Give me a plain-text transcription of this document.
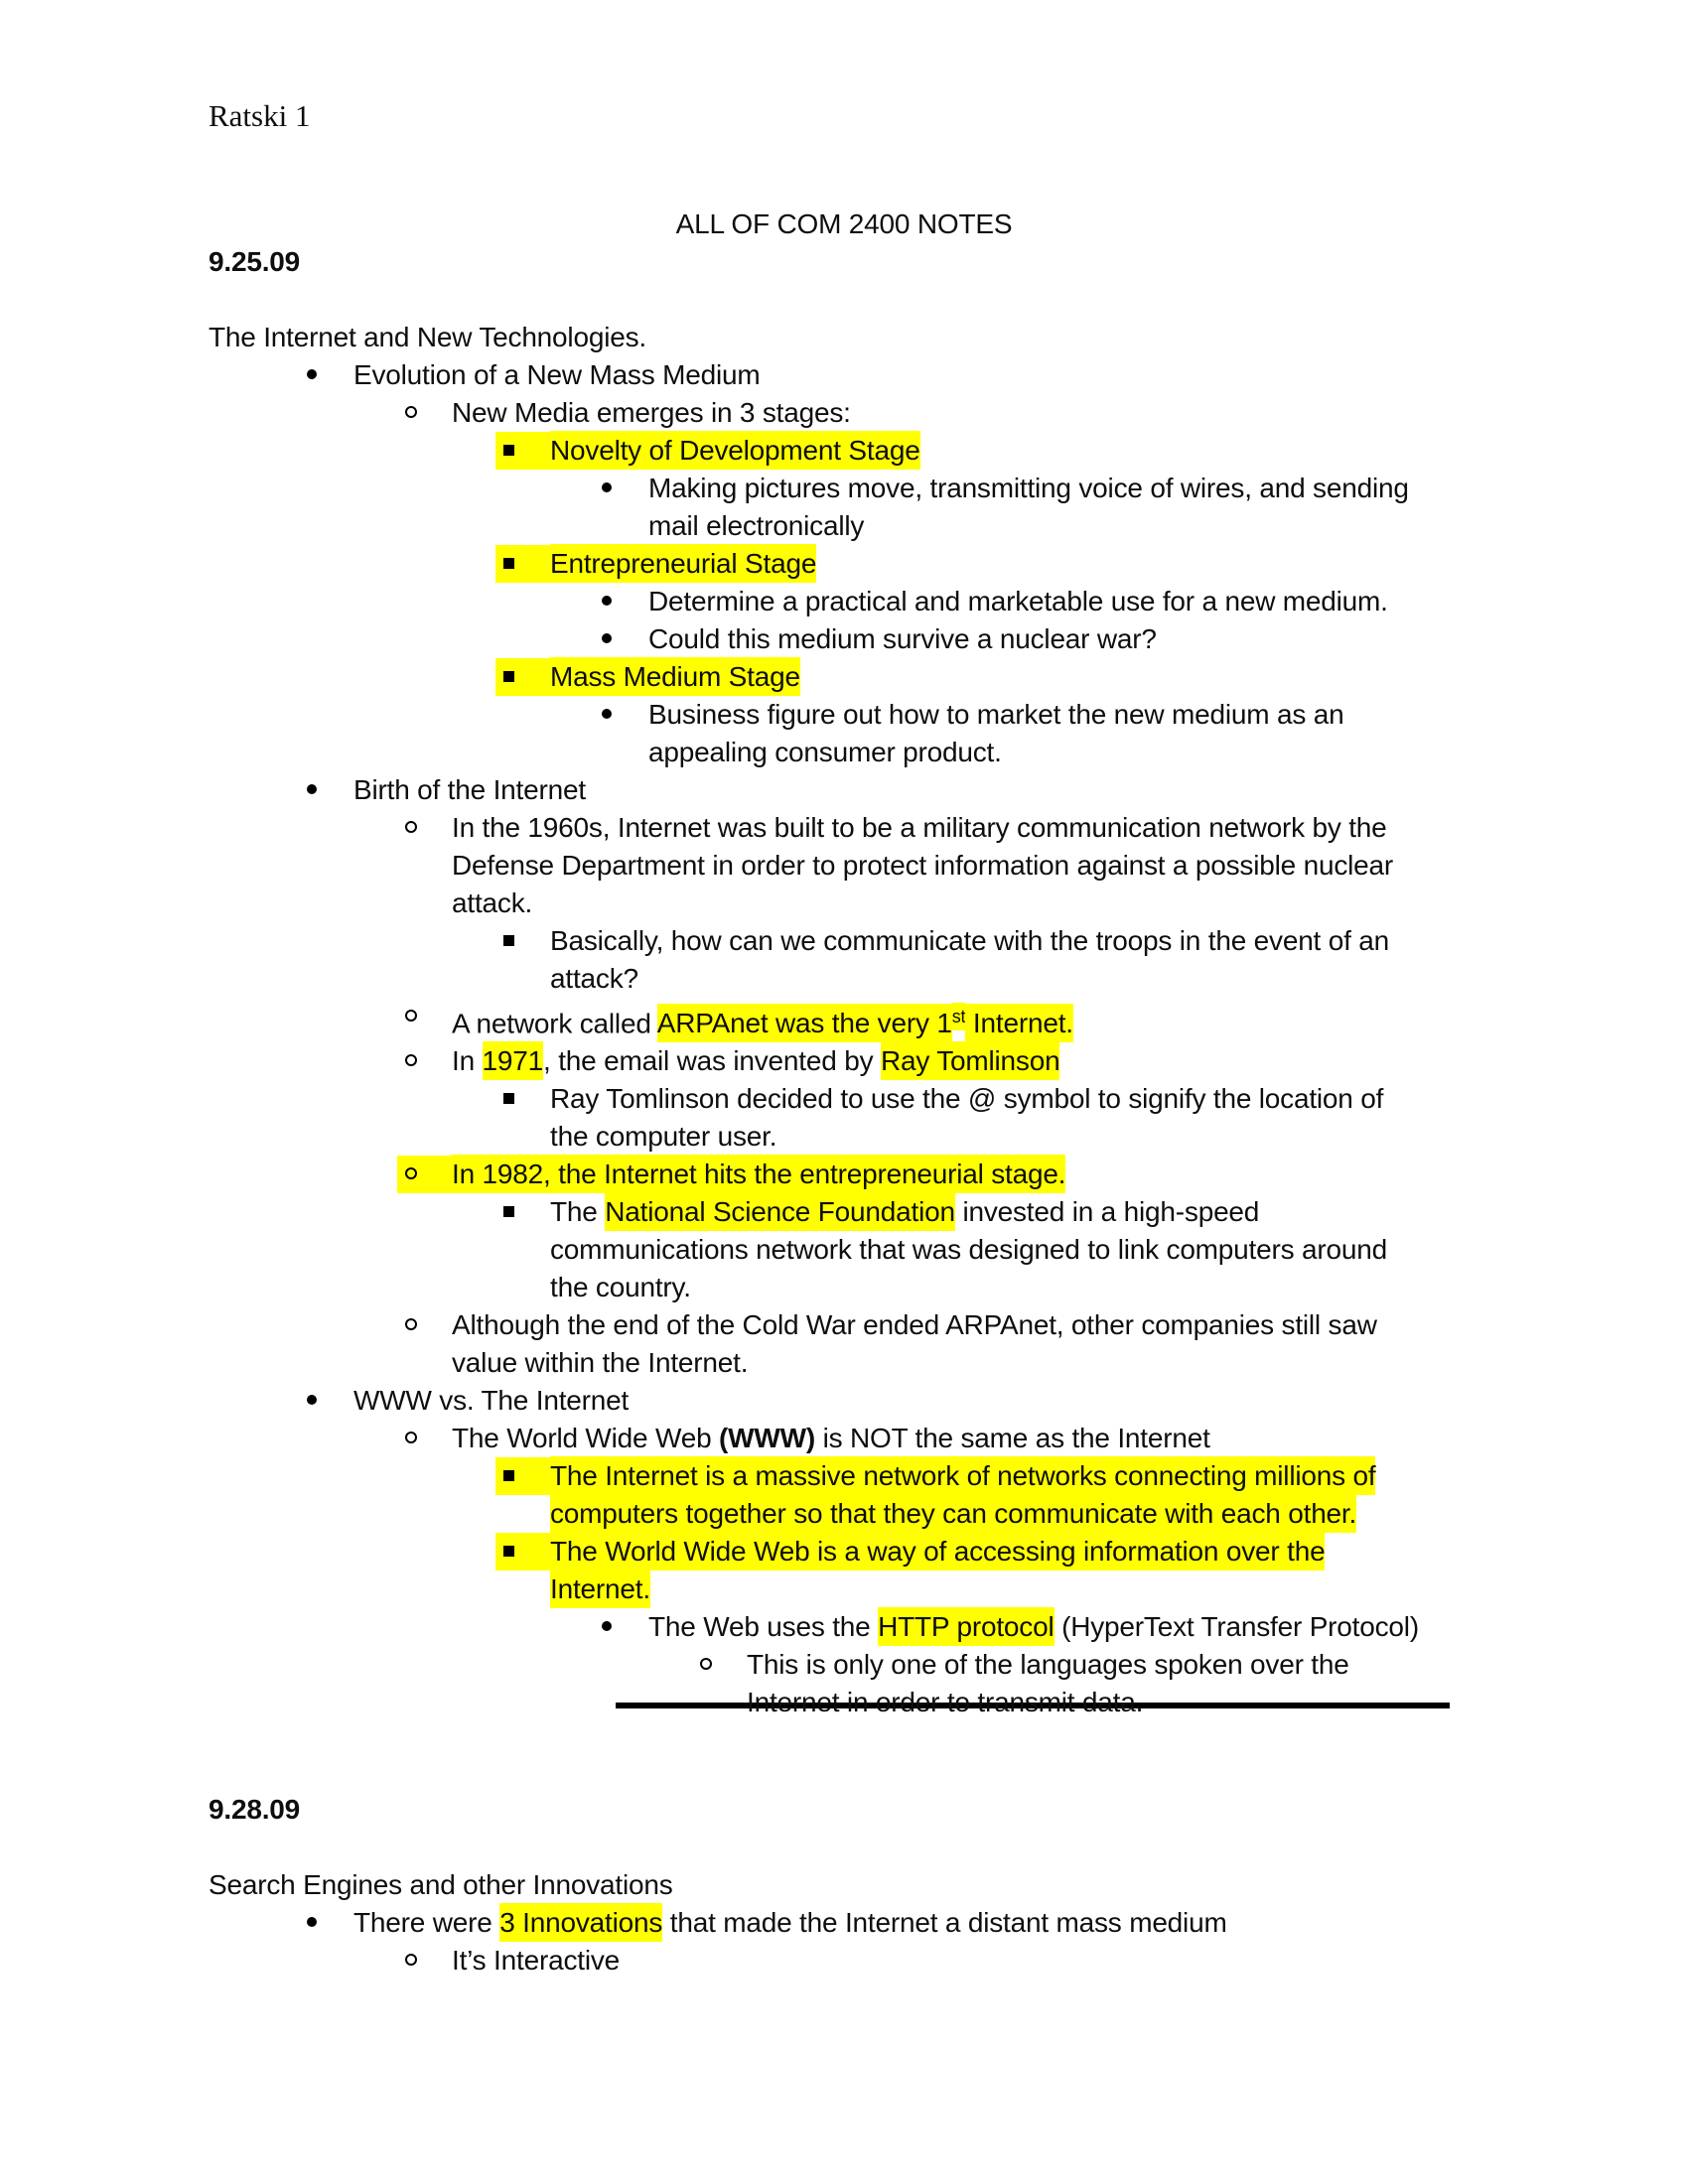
Ratski 1
ALL OF COM 2400 NOTES
9.25.09
The Internet and New Technologies.
Evolution of a New Mass Medium
New Media emerges in 3 stages:
Novelty of Development Stage
Making pictures move, transmitting voice of wires, and sending
mail electronically
Entrepreneurial Stage
Determine a practical and marketable use for a new medium.
Could this medium survive a nuclear war?
Mass Medium Stage
Business figure out how to market the new medium as an
appealing consumer product.
Birth of the Internet
In the 1960s, Internet was built to be a military communication network by the
Defense Department in order to protect information against a possible nuclear
attack.
Basically, how can we communicate with the troops in the event of an
attack?
A network called ARPAnet was the very 1st Internet.
In 1971, the email was invented by Ray Tomlinson
Ray Tomlinson decided to use the @ symbol to signify the location of
the computer user.
In 1982, the Internet hits the entrepreneurial stage.
The National Science Foundation invested in a high-speed
communications network that was designed to link computers around
the country.
Although the end of the Cold War ended ARPAnet, other companies still saw
value within the Internet.
WWW vs. The Internet
The World Wide Web (WWW) is NOT the same as the Internet
The Internet is a massive network of networks connecting millions of
computers together so that they can communicate with each other.
The World Wide Web is a way of accessing information over the
Internet.
The Web uses the HTTP protocol (HyperText Transfer Protocol)
This is only one of the languages spoken over the
Internet in order to transmit data.
9.28.09
Search Engines and other Innovations
There were 3 Innovations that made the Internet a distant mass medium
It’s Interactive
